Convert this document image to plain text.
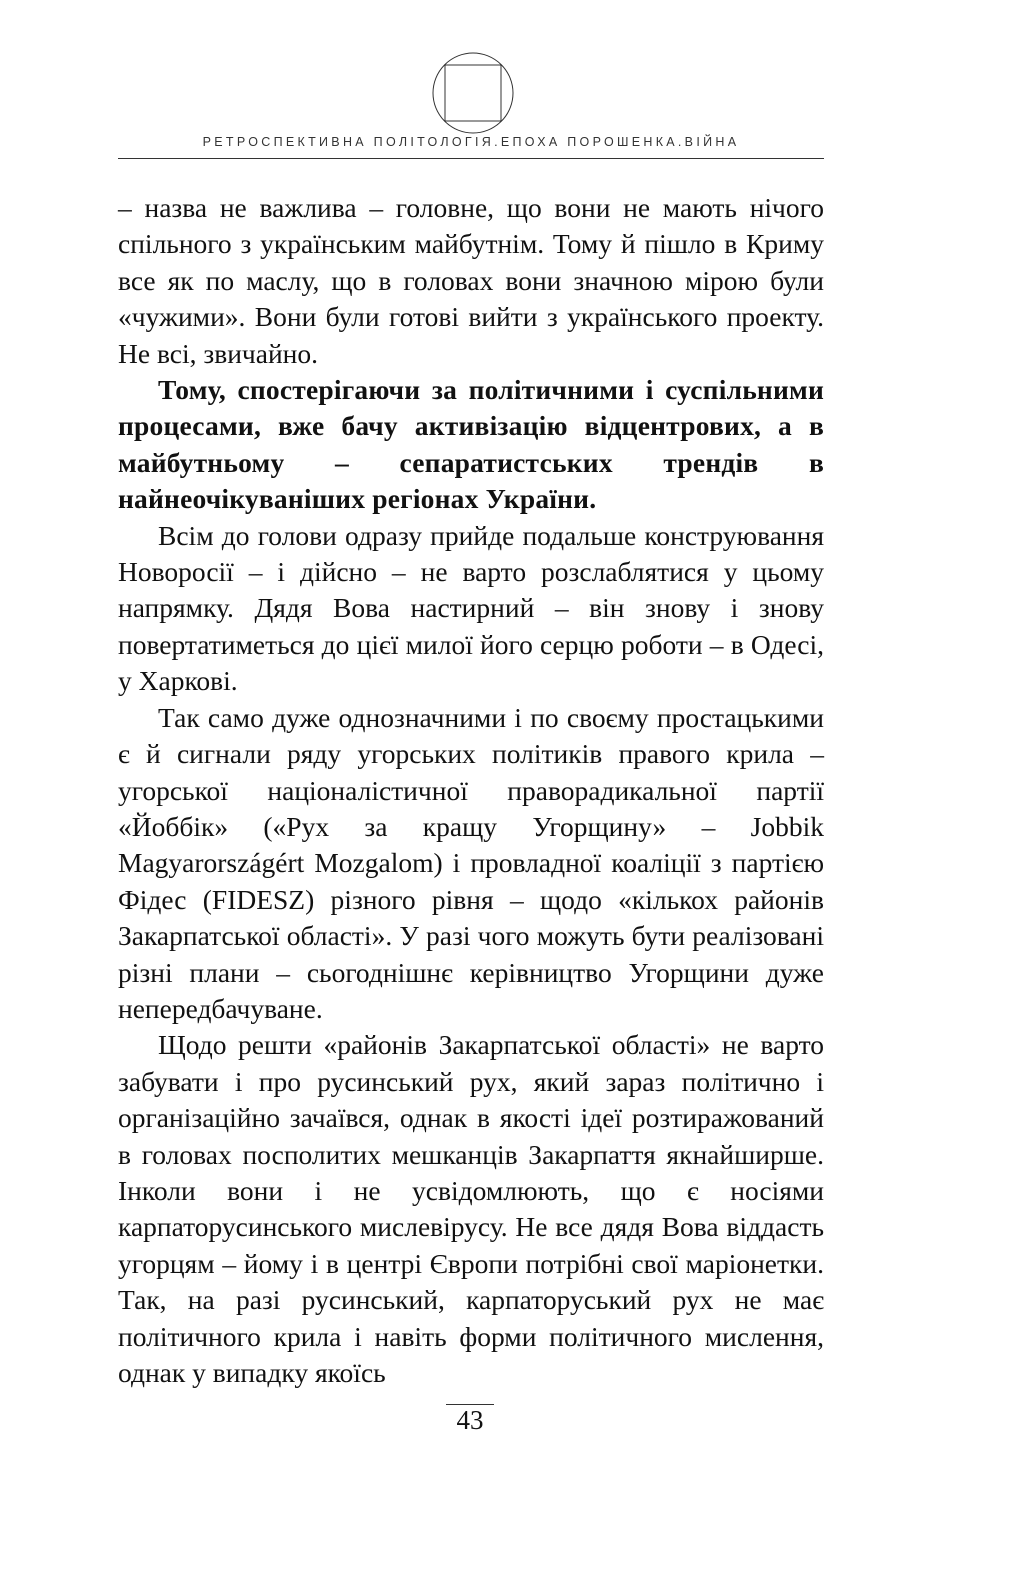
РЕТРОСПЕКТИВНА ПОЛІТОЛОГІЯ.ЕПОХА ПОРОШЕНКА.ВІЙНА

– назва не важлива – головне, що вони не мають нічого спільного з українським майбутнім. Тому й пішло в Криму все як по маслу, що в головах вони значною мірою були «чужими». Вони були готові вийти з українського проекту. Не всі, звичайно.

Тому, спостерігаючи за політичними і суспільними процесами, вже бачу активізацію відцентрових, а в майбутньому – сепаратистських трендів в найнеочікуваніших регіонах України.

Всім до голови одразу прийде подальше конструювання Новоросії – і дійсно – не варто розслаблятися у цьому напрямку. Дядя Вова настирний – він знову і знову повертатиметься до цієї милої його серцю роботи – в Одесі, у Харкові.

Так само дуже однозначними і по своєму простацькими є й сигнали ряду угорських політиків правого крила – угорської націоналістичної праворадикальної партії «Йоббік» («Рух за кращу Угорщину» – Jobbik Magyarországért Mozgalom) і провладної коаліції з партією Фідес (FIDESZ) різного рівня – щодо «кількох районів Закарпатської області». У разі чого можуть бути реалізовані різні плани – сьогоднішнє керівництво Угорщини дуже непередбачуване.

Щодо решти «районів Закарпатської області» не варто забувати і про русинський рух, який зараз політично і організаційно зачаївся, однак в якості ідеї розтиражований в головах посполитих мешканців Закарпаття якнайширше. Інколи вони і не усвідомлюють, що є носіями карпаторусинського мислевірусу. Не все дядя Вова віддасть угорцям – йому і в центрі Європи потрібні свої маріонетки. Так, на разі русинський, карпаторуський рух не має політичного крила і навіть форми політичного мислення, однак у випадку якоїсь

43
